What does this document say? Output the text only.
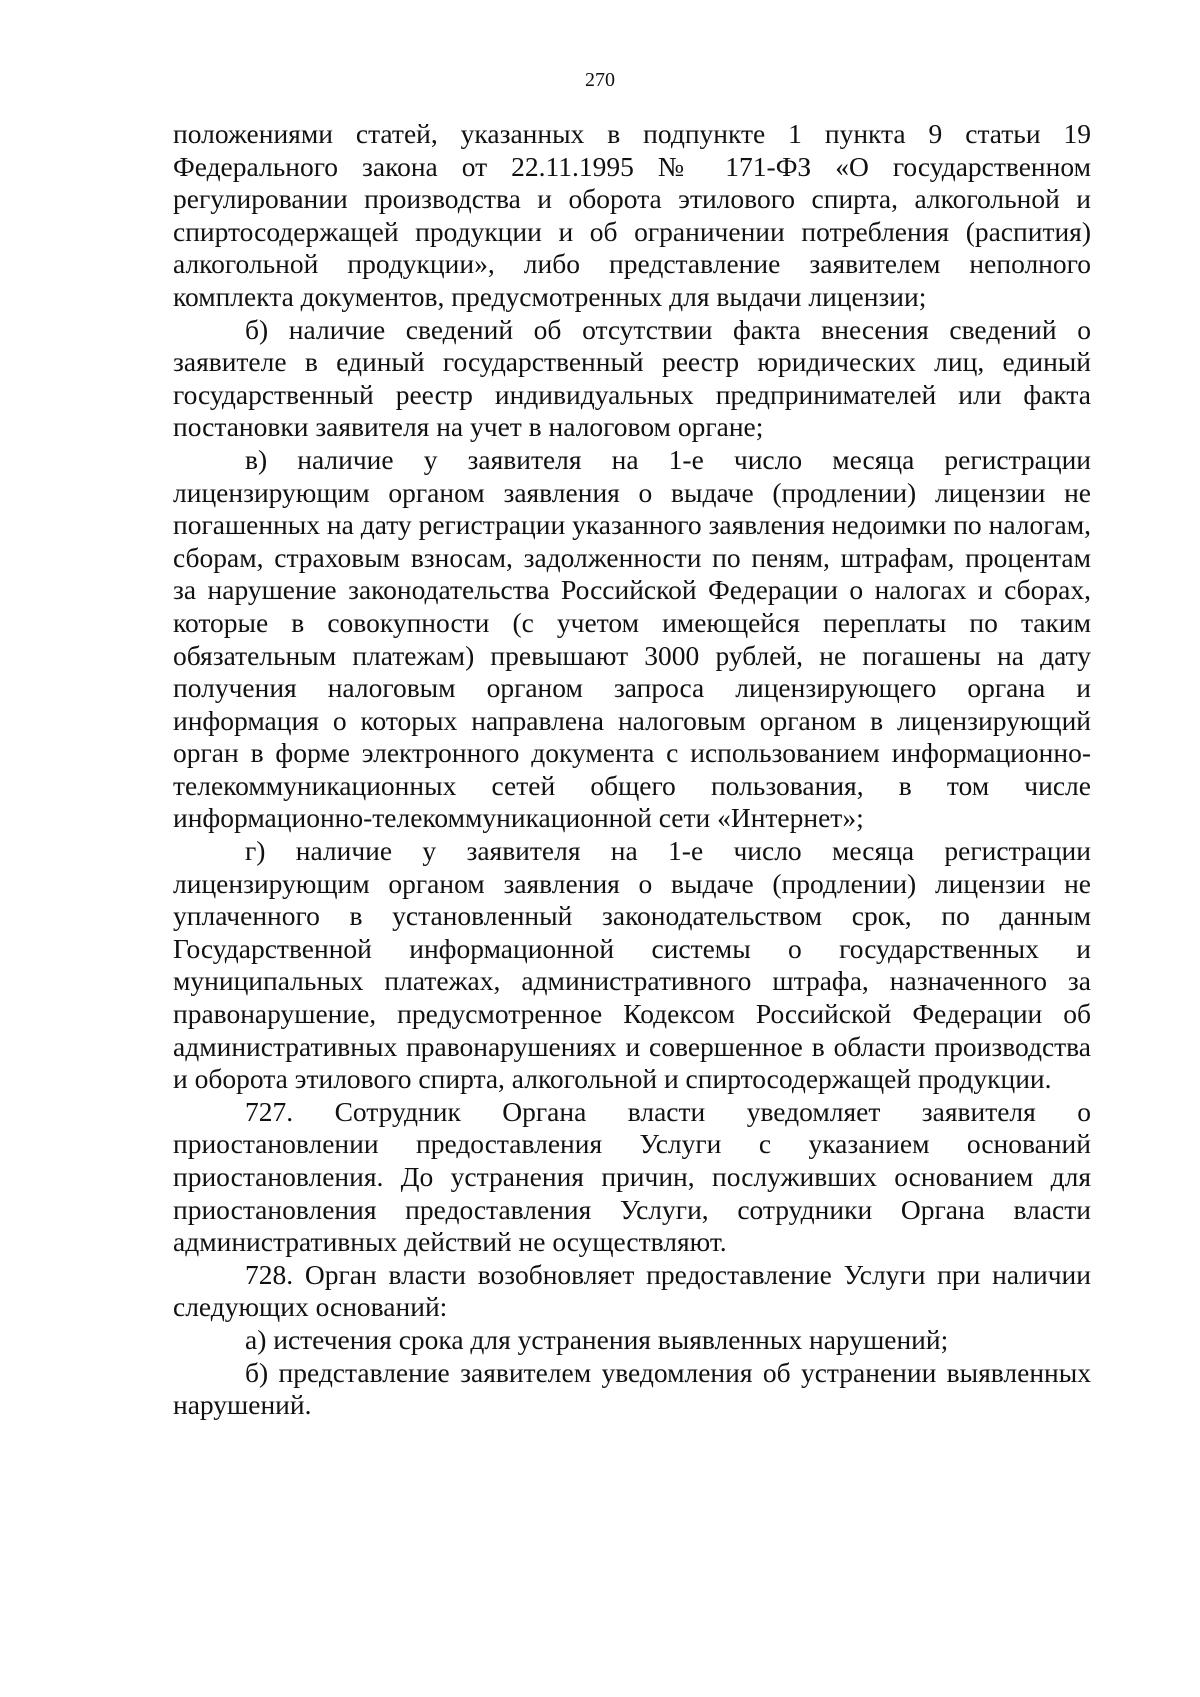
270

положениями статей, указанных в подпункте 1 пункта 9 статьи 19 Федерального закона от 22.11.1995 № 171-ФЗ «О государственном регулировании производства и оборота этилового спирта, алкогольной и спиртосодержащей продукции и об ограничении потребления (распития) алкогольной продукции», либо представление заявителем неполного комплекта документов, предусмотренных для выдачи лицензии;

б) наличие сведений об отсутствии факта внесения сведений о заявителе в единый государственный реестр юридических лиц, единый государственный реестр индивидуальных предпринимателей или факта постановки заявителя на учет в налоговом органе;

в) наличие у заявителя на 1-е число месяца регистрации лицензирующим органом заявления о выдаче (продлении) лицензии не погашенных на дату регистрации указанного заявления недоимки по налогам, сборам, страховым взносам, задолженности по пеням, штрафам, процентам за нарушение законодательства Российской Федерации о налогах и сборах, которые в совокупности (с учетом имеющейся переплаты по таким обязательным платежам) превышают 3000 рублей, не погашены на дату получения налоговым органом запроса лицензирующего органа и информация о которых направлена налоговым органом в лицензирующий орган в форме электронного документа с использованием информационно-телекоммуникационных сетей общего пользования, в том числе информационно-телекоммуникационной сети «Интернет»;

г) наличие у заявителя на 1-е число месяца регистрации лицензирующим органом заявления о выдаче (продлении) лицензии не уплаченного в установленный законодательством срок, по данным Государственной информационной системы о государственных и муниципальных платежах, административного штрафа, назначенного за правонарушение, предусмотренное Кодексом Российской Федерации об административных правонарушениях и совершенное в области производства и оборота этилового спирта, алкогольной и спиртосодержащей продукции.

727. Сотрудник Органа власти уведомляет заявителя о приостановлении предоставления Услуги с указанием оснований приостановления. До устранения причин, послуживших основанием для приостановления предоставления Услуги, сотрудники Органа власти административных действий не осуществляют.

728. Орган власти возобновляет предоставление Услуги при наличии следующих оснований:

а) истечения срока для устранения выявленных нарушений;

б) представление заявителем уведомления об устранении выявленных нарушений.
